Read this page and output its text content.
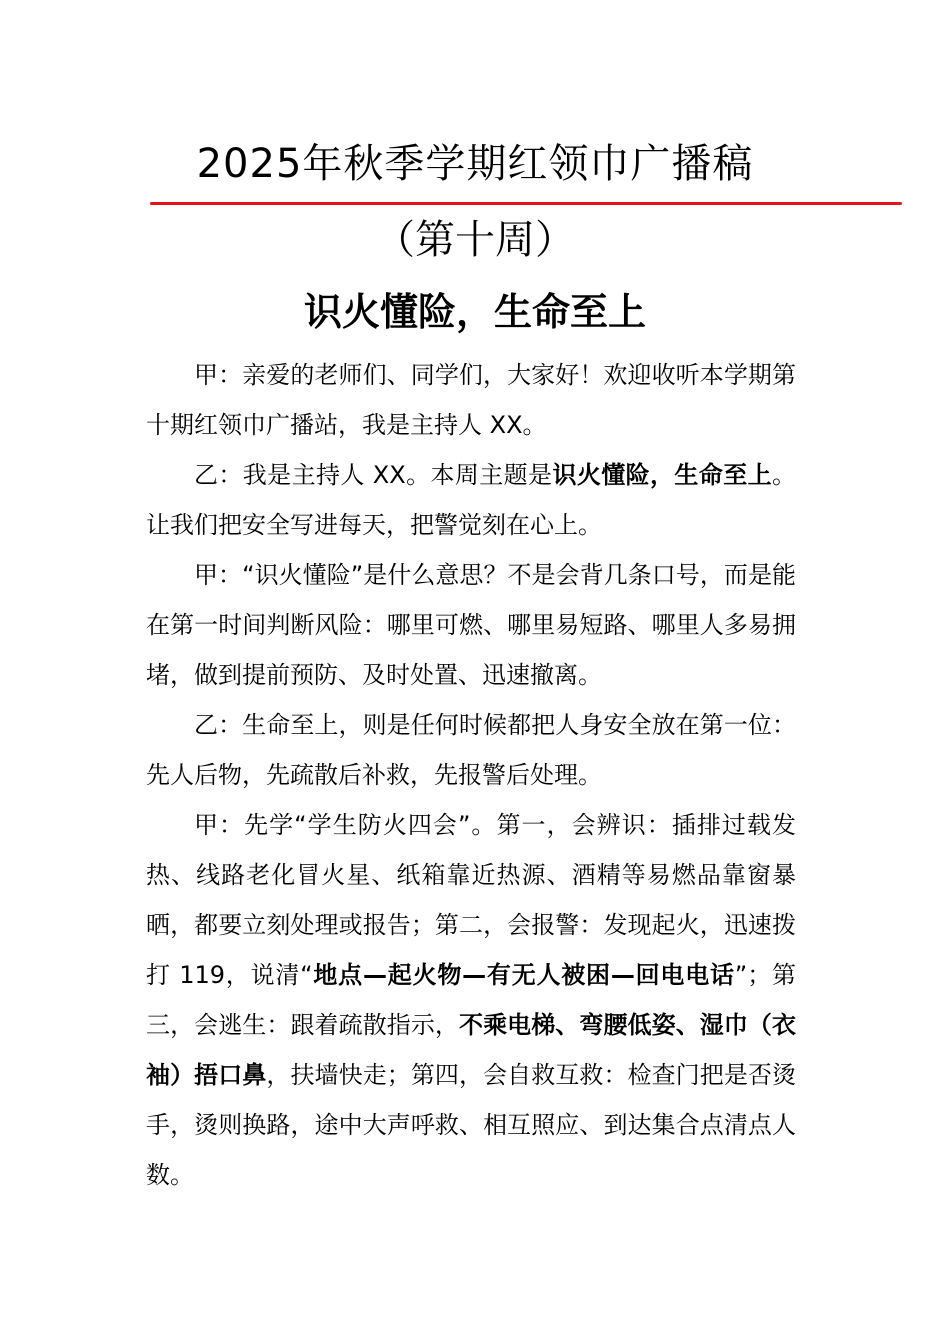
2025年秋季学期红领巾广播稿
（第十周）
识火懂险，生命至上

甲：亲爱的老师们、同学们，大家好！欢迎收听本学期第十期红领巾广播站，我是主持人 XX。

乙：我是主持人 XX。本周主题是识火懂险，生命至上。让我们把安全写进每天，把警觉刻在心上。

甲：“识火懂险”是什么意思？不是会背几条口号，而是能在第一时间判断风险：哪里可燃、哪里易短路、哪里人多易拥堵，做到提前预防、及时处置、迅速撤离。

乙：生命至上，则是任何时候都把人身安全放在第一位：先人后物，先疏散后补救，先报警后处理。

甲：先学“学生防火四会”。第一，会辨识：插排过载发热、线路老化冒火星、纸箱靠近热源、酒精等易燃品靠窗暴晒，都要立刻处理或报告；第二，会报警：发现起火，迅速拨打 119，说清“地点—起火物—有无人被困—回电电话”；第三，会逃生：跟着疏散指示，不乘电梯、弯腰低姿、湿巾（衣袖）捂口鼻，扶墙快走；第四，会自救互救：检查门把是否烫手，烫则换路，途中大声呼救、相互照应、到达集合点清点人数。
